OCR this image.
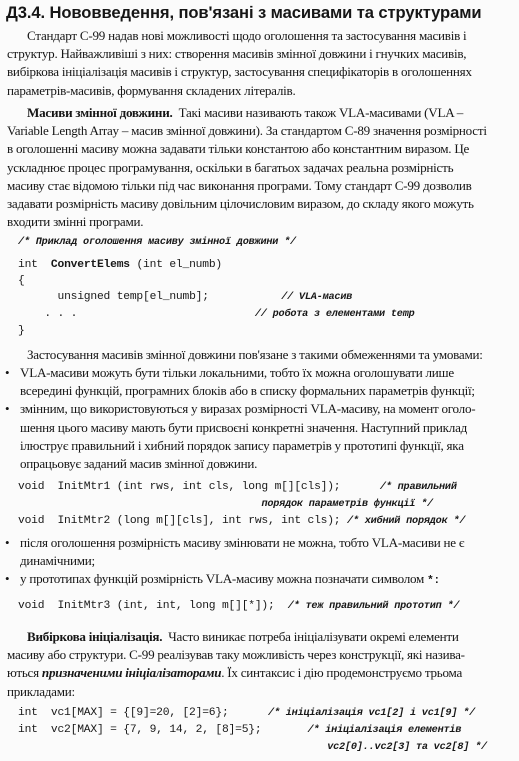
Д3.4. Нововведення, пов'язані з масивами та структурами
Стандарт С-99 надав нові можливості щодо оголошення та застосування масивів і
структур. Найважливіші з них: створення масивів змінної довжини і гнучких масивів,
вибіркова ініціалізація масивів і структур, застосування специфікаторів в оголошеннях
параметрів-масивів, формування складених літералів.
Масиви змінної довжини. Такі масиви називають також VLA-масивами (VLA –
Variable Length Array – масив змінної довжини). За стандартом С-89 значення розмірності
в оголошенні масиву можна задавати тільки константою або константним виразом. Це
ускладнює процес програмування, оскільки в багатьох задачах реальна розмірність
масиву стає відомою тільки під час виконання програми. Тому стандарт С-99 дозволив
задавати розмірність масиву довільним цілочисловим виразом, до складу якого можуть
входити змінні програми.
/* Приклад оголошення масиву змінної довжини */

int ConvertElems (int el_numb)
{
unsigned temp[el_numb];	// VLA-масив
. . .	// робота з елементами temp
}
Застосування масивів змінної довжини пов'язане з такими обмеженнями та умовами:
• VLA-масиви можуть бути тільки локальними, тобто їх можна оголошувати лише
всередині функцій, програмних блоків або в списку формальних параметрів функції;
• змінним, що використовуються у виразах розмірності VLA-масиву, на момент оголо-
шення цього масиву мають бути присвоєні конкретні значення. Наступний приклад
ілюструє правильний і хибний порядок запису параметрів у прототипі функції, яка
опрацьовує заданий масив змінної довжини.
void  InitMtr1 (int rws, int cls, long m[][cls]);	/* правильний
порядок параметрів функції */
void  InitMtr2 (long m[][cls], int rws, int cls); /* хибний порядок */
• після оголошення розмірність масиву змінювати не можна, тобто VLA-масиви не є
динамічними;
• у прототипах функцій розмірність VLA-масиву можна позначати символом *:
void  InitMtr3 (int, int, long m[][*]); /* теж правильний прототип */
Вибіркова ініціалізація. Часто виникає потреба ініціалізувати окремі елементи
масиву або структури. С-99 реалізував таку можливість через конструкції, які назива-
ються призначеними ініціалізаторами. Їх синтаксис і дію продемонструємо трьома
прикладами:
int  vc1[MAX] = {[9]=20, [2]=6};	/* ініціалізація vc1[2] і vc1[9] */
int  vc2[MAX] = {7, 9, 14, 2, [8]=5};	/* ініціалізація елементів
vc2[0]..vc2[3] та vc2[8] */
